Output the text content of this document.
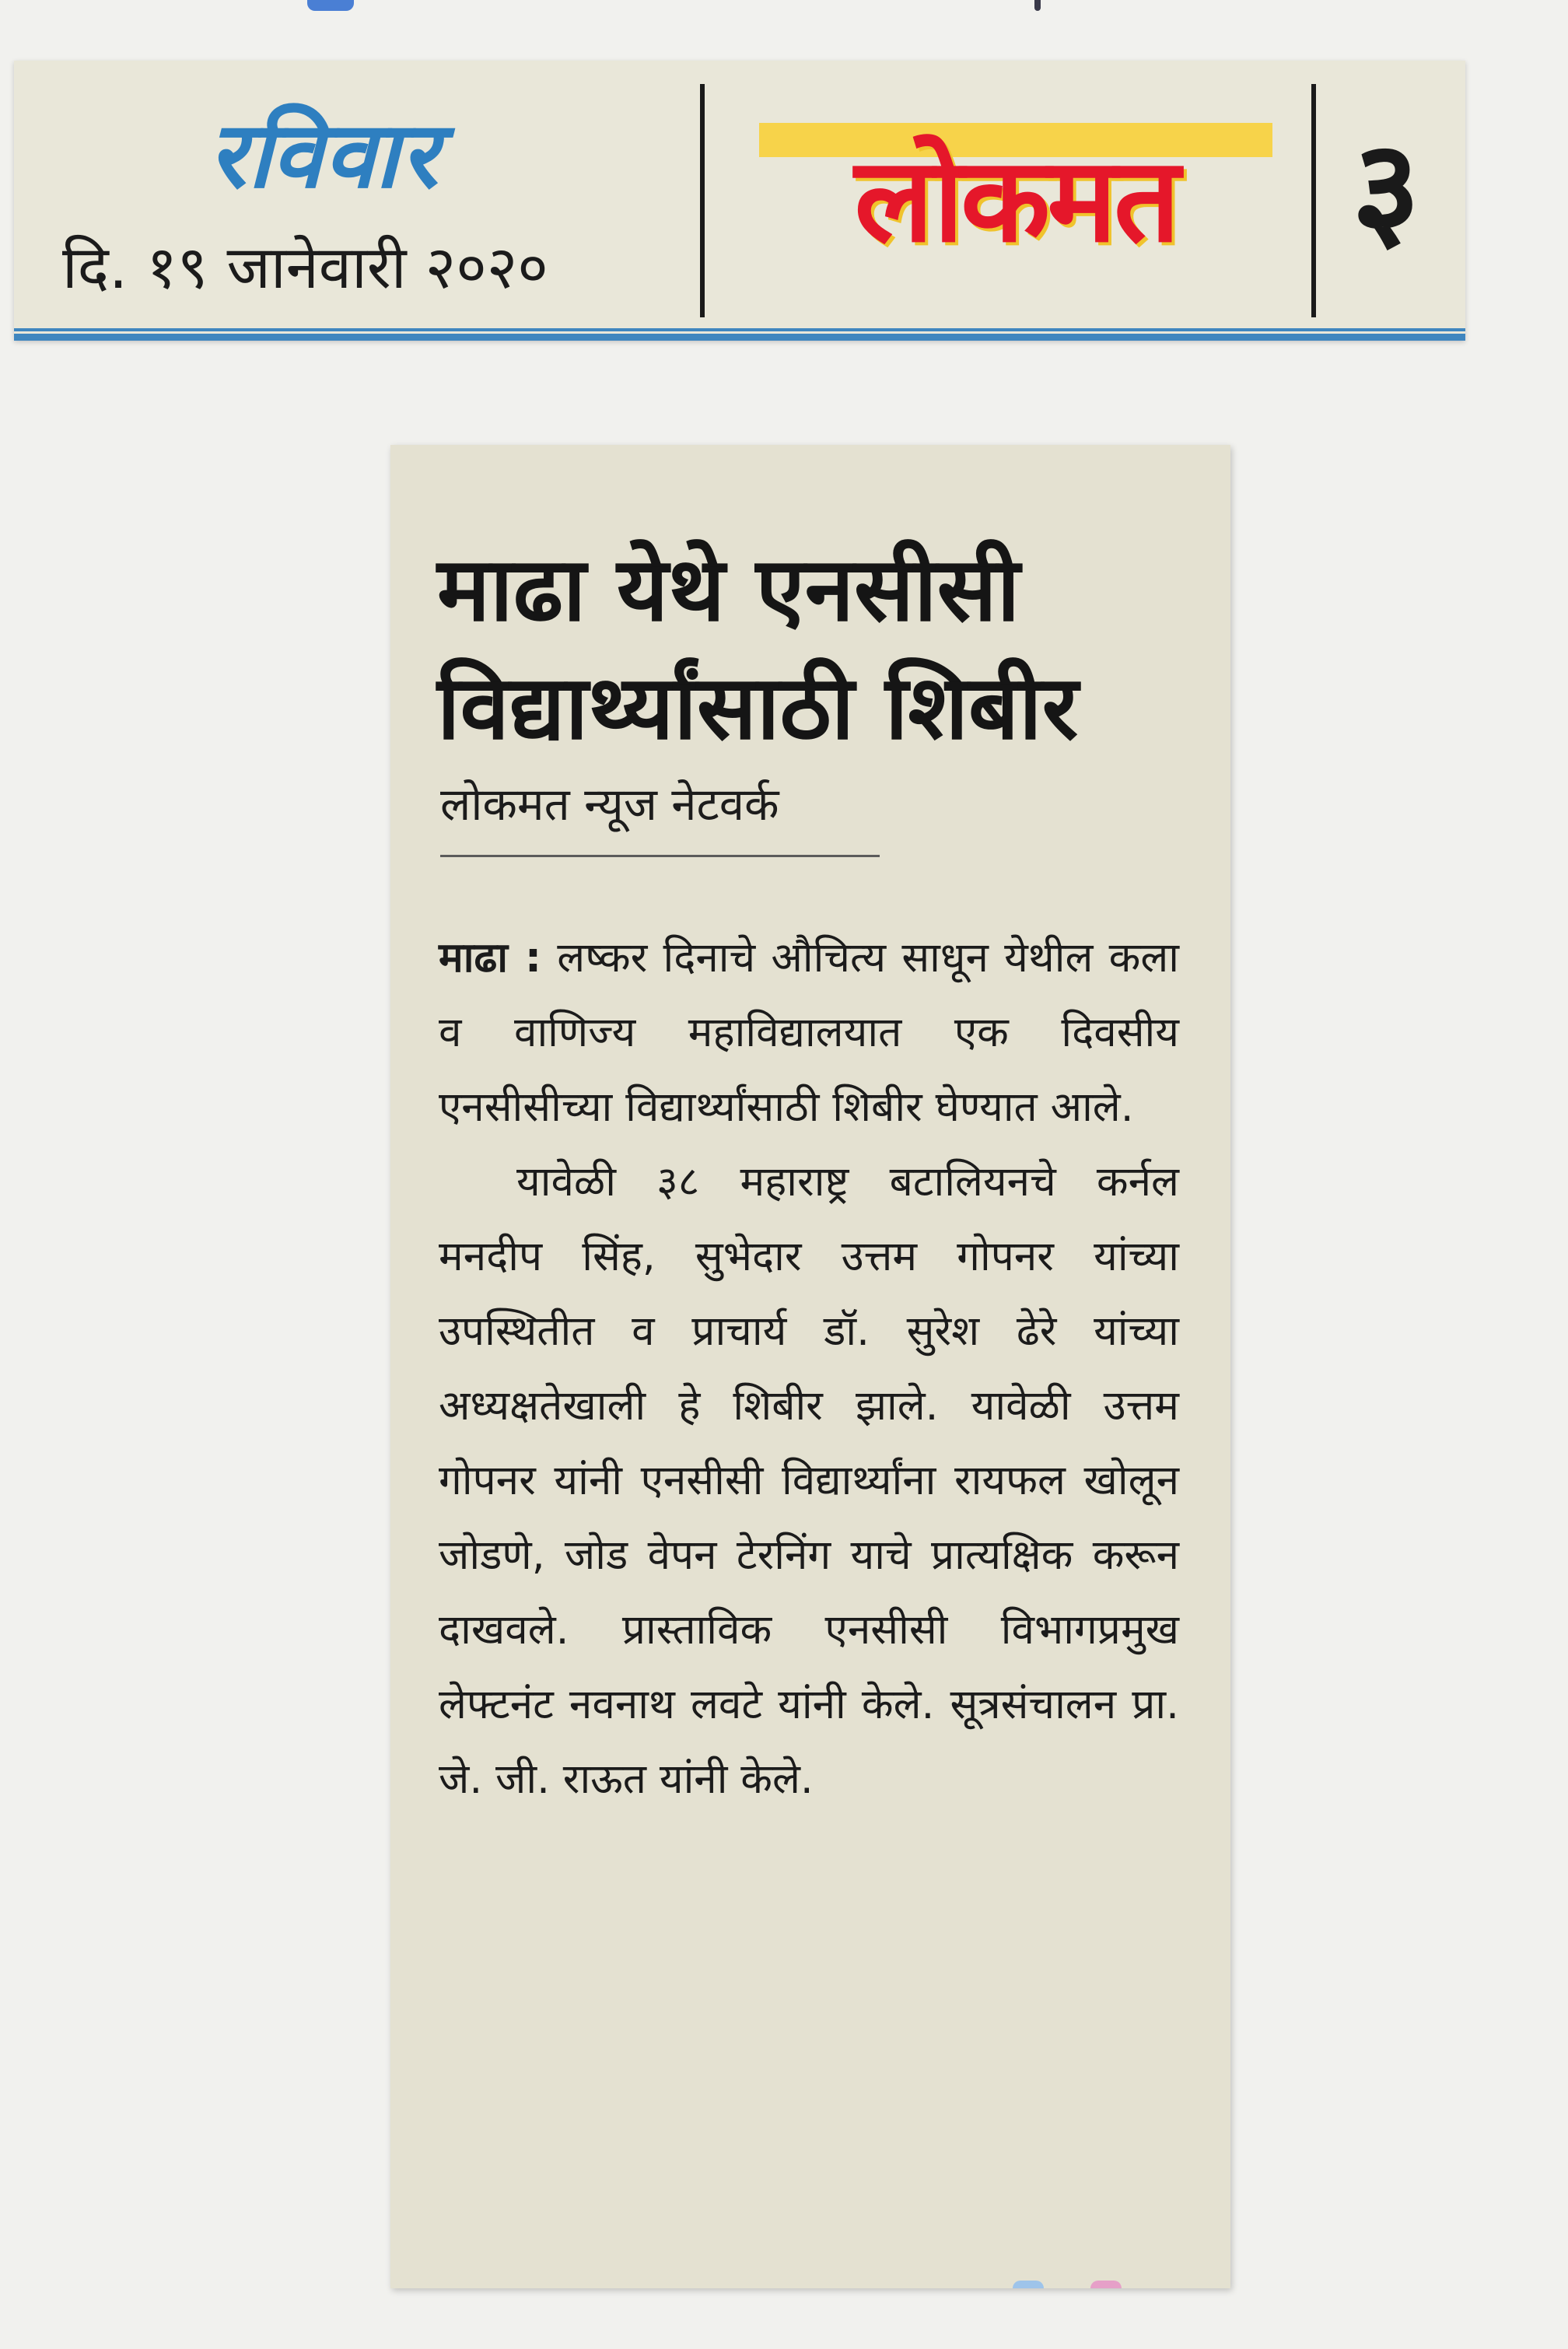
रविवार
दि. १९ जानेवारी २०२०	लोकमत ३
माढा येथे एनसीसी
विद्यार्थ्यांसाठी शिबीर
लोकमत न्यूज नेटवर्क

माढा : लष्कर दिनाचे औचित्य साधून येथील कला व वाणिज्य महाविद्यालयात एक दिवसीय एनसीसीच्या विद्यार्थ्यांसाठी शिबीर घेण्यात आले.

यावेळी ३८ महाराष्ट्र बटालियनचे कर्नल मनदीप सिंह, सुभेदार उत्तम गोपनर यांच्या उपस्थितीत व प्राचार्य डॉ. सुरेश ढेरे यांच्या अध्यक्षतेखाली हे शिबीर झाले. यावेळी उत्तम गोपनर यांनी एनसीसी विद्यार्थ्यांना रायफल खोलून जोडणे, जोड वेपन टेरनिंग याचे प्रात्यक्षिक करून दाखवले. प्रास्ताविक एनसीसी विभागप्रमुख लेफ्टनंट नवनाथ लवटे यांनी केले. सूत्रसंचालन प्रा. जे. जी. राऊत यांनी केले.
